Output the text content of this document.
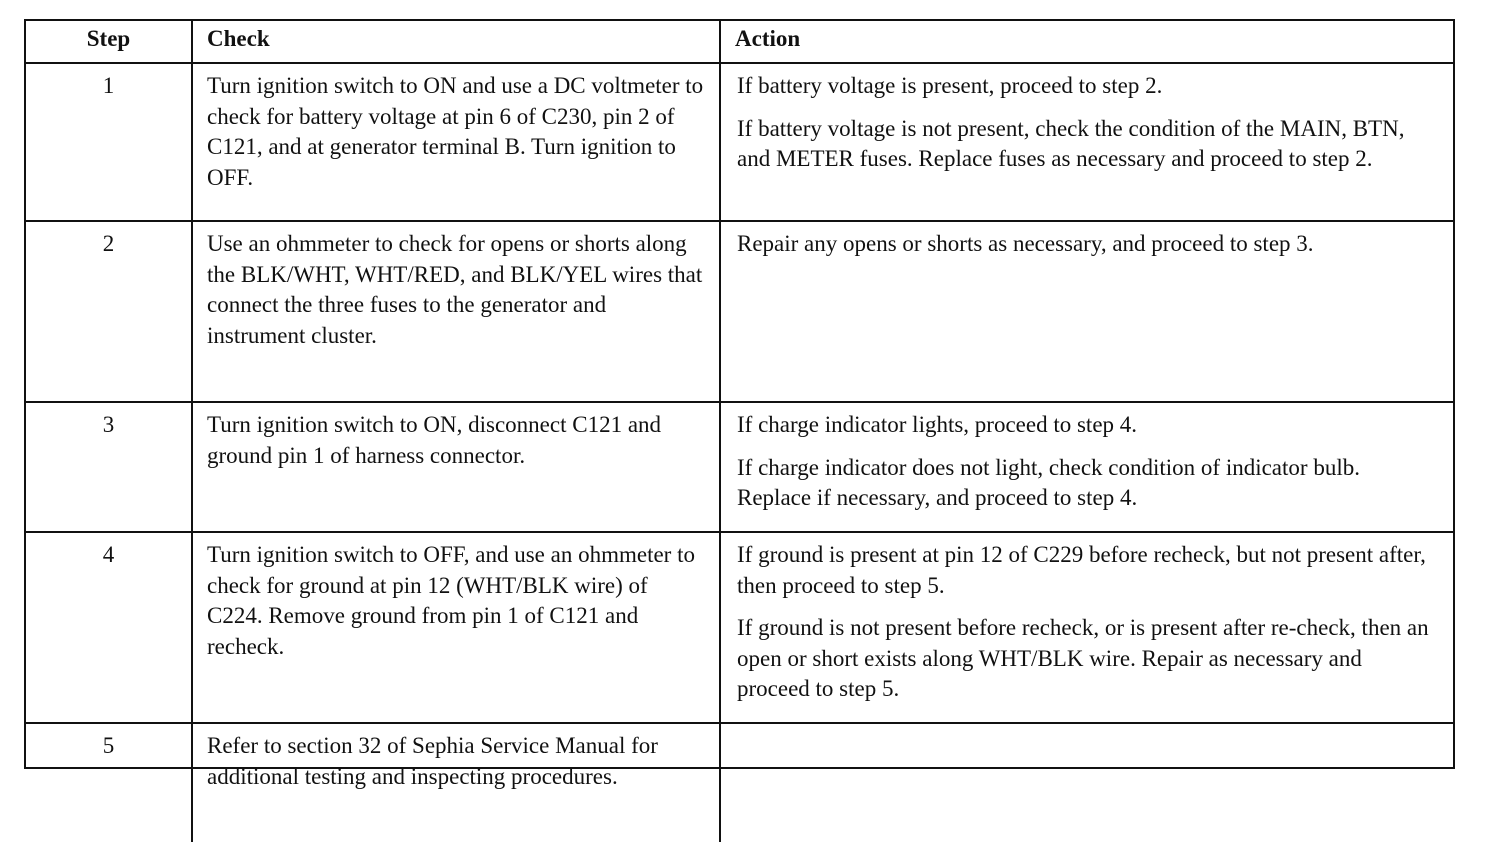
Step	Check	Action
1	Turn ignition switch to ON and use a DC voltmeter to check for battery voltage at pin 6 of C230, pin 2 of C121, and at generator terminal B. Turn ignition to OFF.	If battery voltage is present, proceed to step 2.

If battery voltage is not present, check the condition of the MAIN, BTN, and METER fuses. Replace fuses as necessary and proceed to step 2.

2	Use an ohmmeter to check for opens or shorts along the BLK/WHT, WHT/RED, and BLK/YEL wires that connect the three fuses to the generator and instrument cluster.	Repair any opens or shorts as necessary, and proceed to step 3.

3	Turn ignition switch to ON, disconnect C121 and ground pin 1 of harness connector.	If charge indicator lights, proceed to step 4.

If charge indicator does not light, check condition of indicator bulb. Replace if necessary, and proceed to step 4.

4	Turn ignition switch to OFF, and use an ohmmeter to check for ground at pin 12 (WHT/BLK wire) of C224. Remove ground from pin 1 of C121 and recheck.	If ground is present at pin 12 of C229 before recheck, but not present after, then proceed to step 5.

If ground is not present before recheck, or is present after re-check, then an open or short exists along WHT/BLK wire. Repair as necessary and proceed to step 5.

5	Refer to section 32 of Sephia Service Manual for additional testing and inspecting procedures.	
